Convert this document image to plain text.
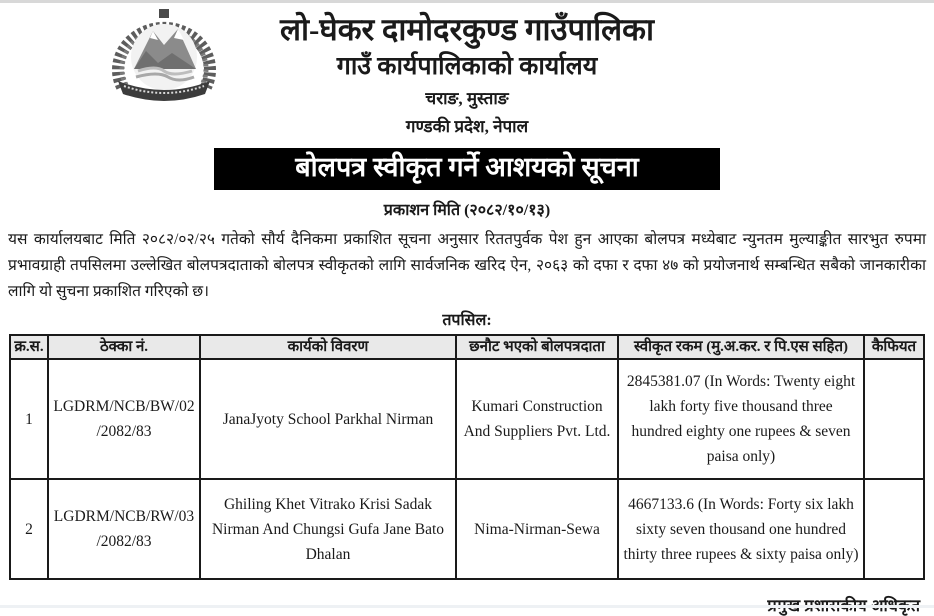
लो-घेकर दामोदरकुण्ड गाउँपालिका
गाउँ कार्यपालिकाको कार्यालय
चराङ, मुस्ताङ
गण्डकी प्रदेश, नेपाल
बोलपत्र स्वीकृत गर्ने आशयको सूचना
प्रकाशन मिति (२०८२/१०/१३)

यस कार्यालयबाट मिति २०८२/०२/२५ गतेको सौर्य दैनिकमा प्रकाशित सूचना अनुसार रिततपुर्वक पेश हुन आएका बोलपत्र मध्येबाट न्युनतम मुल्याङ्कीत सारभुत रुपमा प्रभावग्राही तपसिलमा उल्लेखित बोलपत्रदाताको बोलपत्र स्वीकृतको लागि सार्वजनिक खरिद ऐन, २०६३ को दफा र दफा ४७ को प्रयोजनार्थ सम्बन्धित सबैको जानकारीका लागि यो सुचना प्रकाशित गरिएको छ।

तपसिल:
क्र.स.	ठेक्का नं.	कार्यको विवरण	छनौट भएको बोलपत्रदाता	स्वीकृत रकम (मु.अ.कर. र पि.एस सहित)	कैफियत
1	LGDRM/NCB/BW/02/2082/83	JanaJyoty School Parkhal Nirman	Kumari Construction And Suppliers Pvt. Ltd.	2845381.07 (In Words: Twenty eight lakh forty five thousand three hundred eighty one rupees & seven paisa only)	
2	LGDRM/NCB/RW/03/2082/83	Ghiling Khet Vitrako Krisi Sadak Nirman And Chungsi Gufa Jane Bato Dhalan	Nima-Nirman-Sewa	4667133.6 (In Words: Forty six lakh sixty seven thousand one hundred thirty three rupees & sixty paisa only)	
